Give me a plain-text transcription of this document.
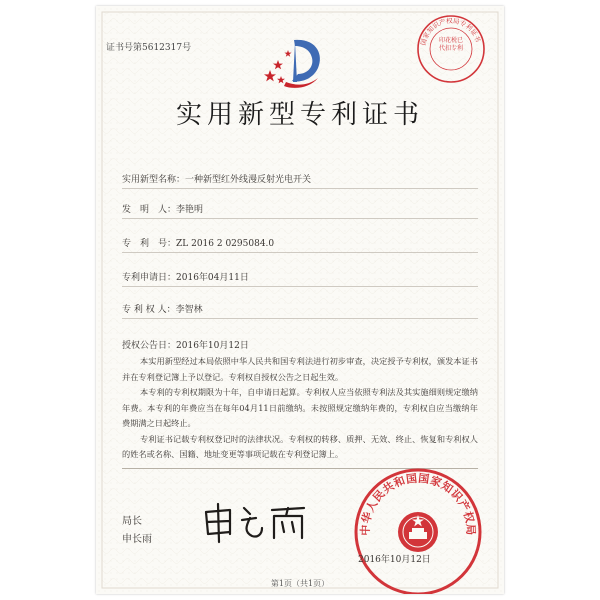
证书号第5612317号
国家知识产权局专利证书
印花税已代扣专利
实用新型专利证书
实用新型名称：一种新型红外线漫反射光电开关
发　明　人：李艳明
专　利　号：ZL 2016 2 0295084.0
专利申请日：2016年04月11日
专 利 权 人：李智林
授权公告日：2016年10月12日

本实用新型经过本局依照中华人民共和国专利法进行初步审查，决定授予专利权，颁发本证书并在专利登记簿上予以登记。专利权自授权公告之日起生效。

本专利的专利权期限为十年，自申请日起算。专利权人应当依照专利法及其实施细则规定缴纳年费。本专利的年费应当在每年04月11日前缴纳。未按照规定缴纳年费的，专利权自应当缴纳年费期满之日起终止。

专利证书记载专利权登记时的法律状况。专利权的转移、质押、无效、终止、恢复和专利权人的姓名或名称、国籍、地址变更等事项记载在专利登记簿上。

局长
申长雨
中华人民共和国国家知识产权局
2016年10月12日
第1页（共1页）
